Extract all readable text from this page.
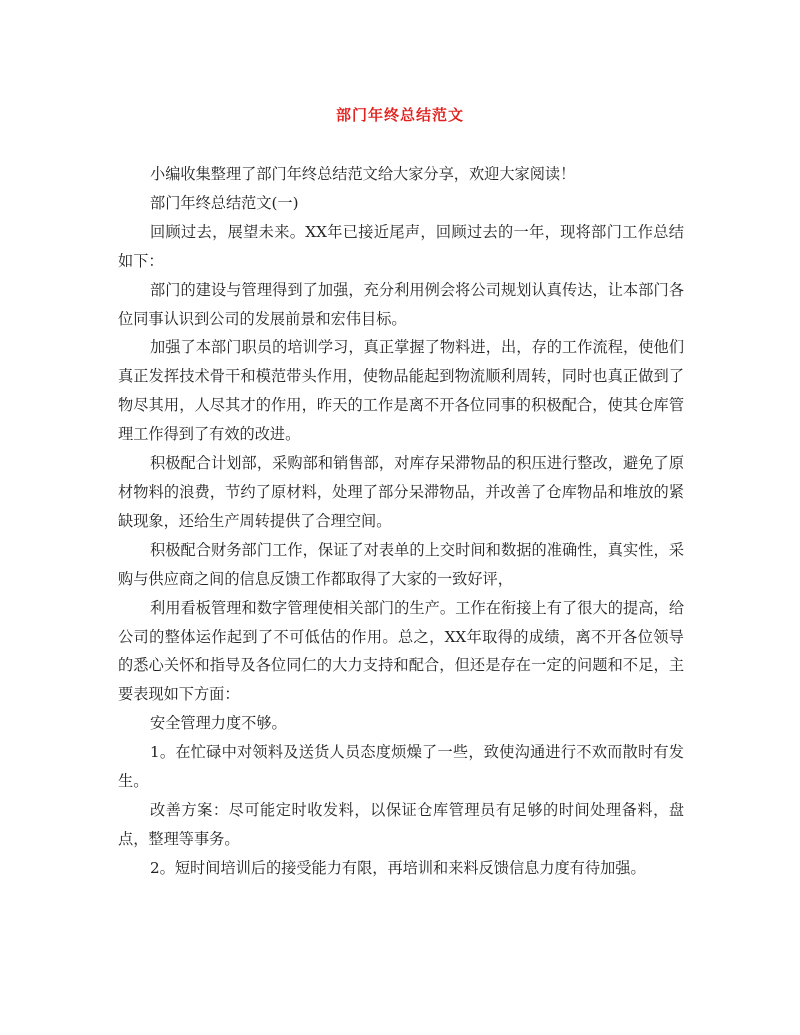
部门年终总结范文

小编收集整理了部门年终总结范文给大家分享，欢迎大家阅读！

部门年终总结范文(一)

回顾过去，展望未来。XX年已接近尾声，回顾过去的一年，现将部门工作总结如下：

部门的建设与管理得到了加强，充分利用例会将公司规划认真传达，让本部门各位同事认识到公司的发展前景和宏伟目标。

加强了本部门职员的培训学习，真正掌握了物料进，出，存的工作流程，使他们真正发挥技术骨干和模范带头作用，使物品能起到物流顺利周转，同时也真正做到了物尽其用，人尽其才的作用，昨天的工作是离不开各位同事的积极配合，使其仓库管理工作得到了有效的改进。

积极配合计划部，采购部和销售部，对库存呆滞物品的积压进行整改，避免了原材物料的浪费，节约了原材料，处理了部分呆滞物品，并改善了仓库物品和堆放的紧缺现象，还给生产周转提供了合理空间。

积极配合财务部门工作，保证了对表单的上交时间和数据的准确性，真实性，采购与供应商之间的信息反馈工作都取得了大家的一致好评，

利用看板管理和数字管理使相关部门的生产。工作在衔接上有了很大的提高，给公司的整体运作起到了不可低估的作用。总之，XX年取得的成绩，离不开各位领导的悉心关怀和指导及各位同仁的大力支持和配合，但还是存在一定的问题和不足，主要表现如下方面：

安全管理力度不够。

1。在忙碌中对领料及送货人员态度烦燥了一些，致使沟通进行不欢而散时有发生。

改善方案：尽可能定时收发料，以保证仓库管理员有足够的时间处理备料，盘点，整理等事务。

2。短时间培训后的接受能力有限，再培训和来料反馈信息力度有待加强。
